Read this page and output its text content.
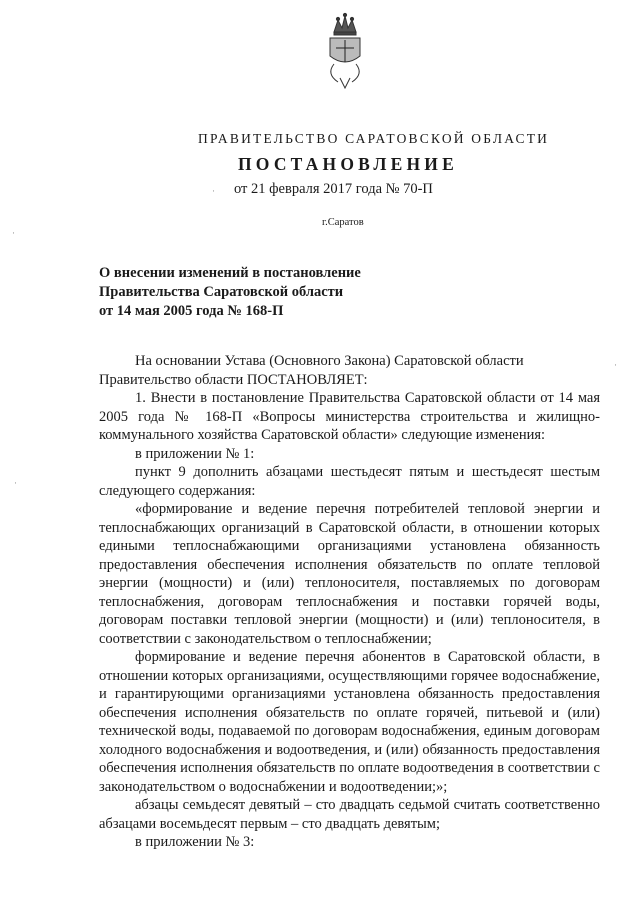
ПРАВИТЕЛЬСТВО САРАТОВСКОЙ ОБЛАСТИ
ПОСТАНОВЛЕНИЕ
от 21 февраля 2017 года № 70-П
г.Саратов
·
·
·
·
О внесении изменений в постановление
Правительства Саратовской области
от 14 мая 2005 года № 168-П

На основании Устава (Основного Закона) Саратовской области

Правительство области ПОСТАНОВЛЯЕТ:

1. Внести в постановление Правительства Саратовской области от 14 мая 2005 года № 168-П «Вопросы министерства строительства и жилищно-коммунального хозяйства Саратовской области» следующие изменения:

в приложении № 1:

пункт 9 дополнить абзацами шестьдесят пятым и шестьдесят шестым следующего содержания:

«формирование и ведение перечня потребителей тепловой энергии и теплоснабжающих организаций в Саратовской области, в отношении которых едиными теплоснабжающими организациями установлена обязанность предоставления обеспечения исполнения обязательств по оплате тепловой энергии (мощности) и (или) теплоносителя, поставляемых по договорам теплоснабжения, договорам теплоснабжения и поставки горячей воды, договорам поставки тепловой энергии (мощности) и (или) теплоносителя, в соответствии с законодательством о теплоснабжении;

формирование и ведение перечня абонентов в Саратовской области, в отношении которых организациями, осуществляющими горячее водоснабжение, и гарантирующими организациями установлена обязанность предоставления обеспечения исполнения обязательств по оплате горячей, питьевой и (или) технической воды, подаваемой по договорам водоснабжения, единым договорам холодного водоснабжения и водоотведения, и (или) обязанность предоставления обеспечения исполнения обязательств по оплате водоотведения в соответствии с законодательством о водоснабжении и водоотведении;»;

абзацы семьдесят девятый – сто двадцать седьмой считать соответственно абзацами восемьдесят первым – сто двадцать девятым;

в приложении № 3:
